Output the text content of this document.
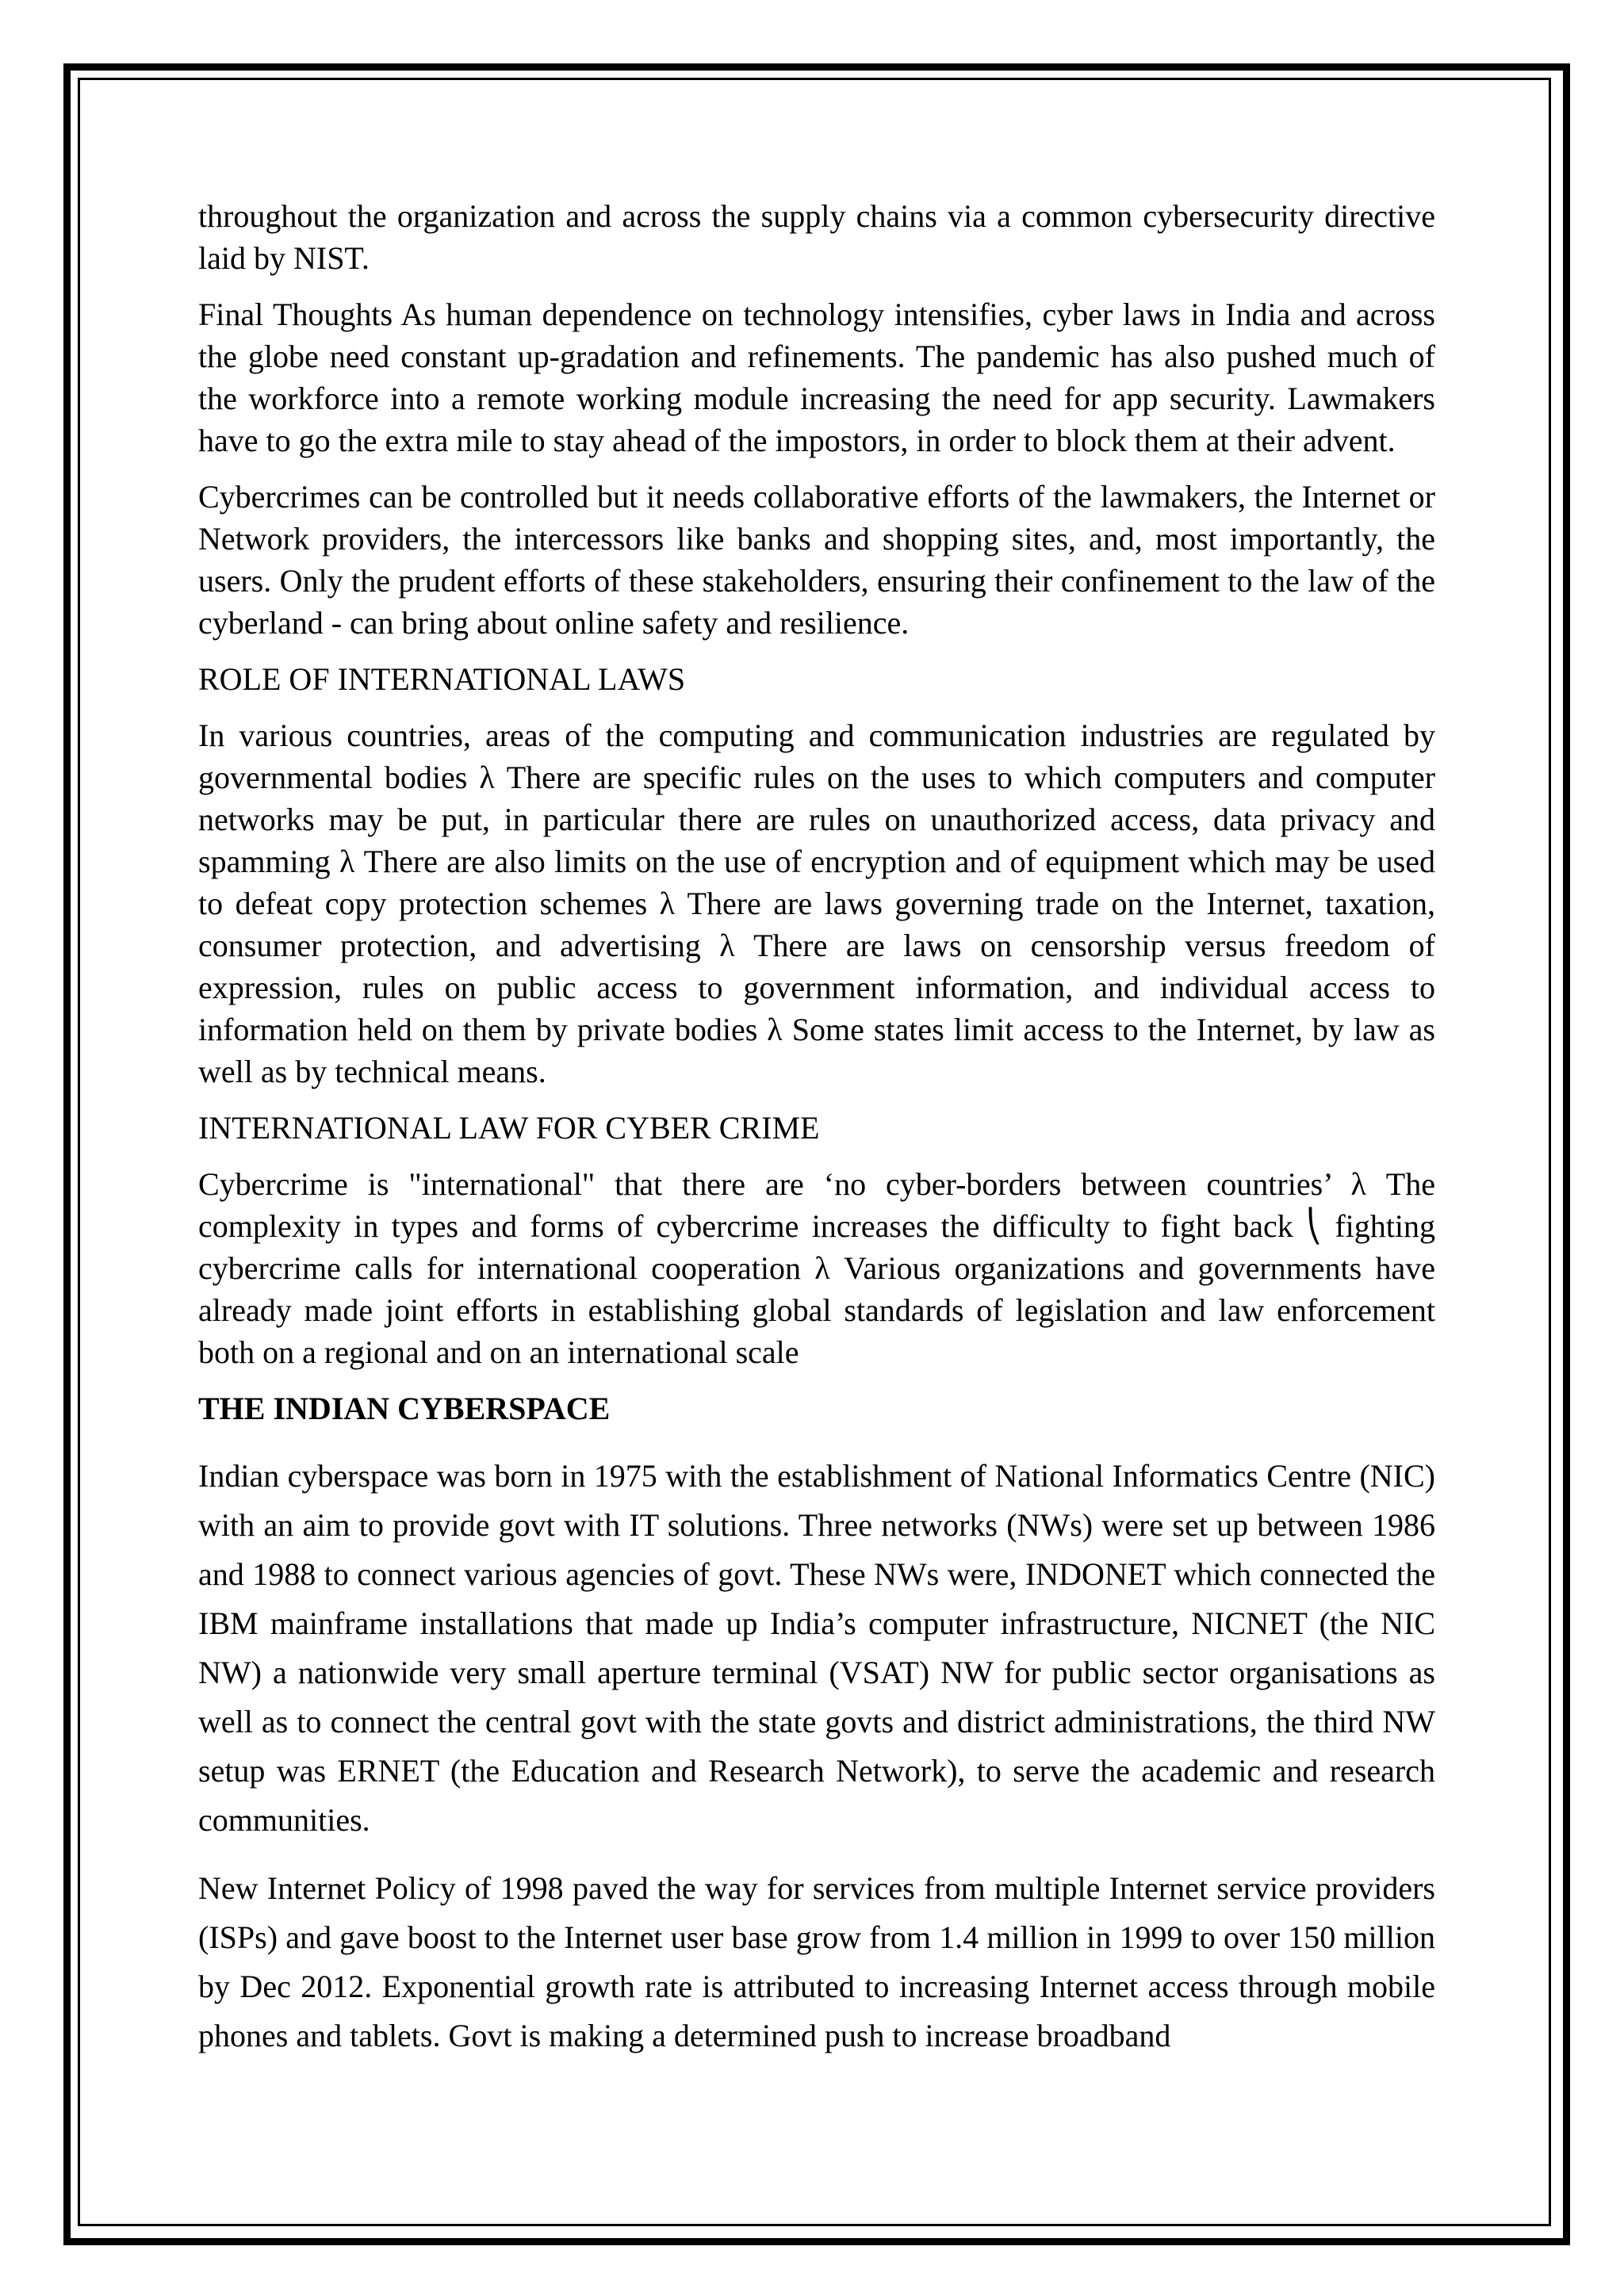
throughout the organization and across the supply chains via a common cybersecurity directive laid by NIST.

Final Thoughts As human dependence on technology intensifies, cyber laws in India and across the globe need constant up-gradation and refinements. The pandemic has also pushed much of the workforce into a remote working module increasing the need for app security. Lawmakers have to go the extra mile to stay ahead of the impostors, in order to block them at their advent.

Cybercrimes can be controlled but it needs collaborative efforts of the lawmakers, the Internet or Network providers, the intercessors like banks and shopping sites, and, most importantly, the users. Only the prudent efforts of these stakeholders, ensuring their confinement to the law of the cyberland - can bring about online safety and resilience.

ROLE OF INTERNATIONAL LAWS

In various countries, areas of the computing and communication industries are regulated by governmental bodies λ There are specific rules on the uses to which computers and computer networks may be put, in particular there are rules on unauthorized access, data privacy and spamming λ There are also limits on the use of encryption and of equipment which may be used to defeat copy protection schemes λ There are laws governing trade on the Internet, taxation, consumer protection, and advertising λ There are laws on censorship versus freedom of expression, rules on public access to government information, and individual access to information held on them by private bodies λ Some states limit access to the Internet, by law as well as by technical means.

INTERNATIONAL LAW FOR CYBER CRIME

Cybercrime is "international" that there are ‘no cyber-borders between countries’ λ The complexity in types and forms of cybercrime increases the difficulty to fight back ⎝ fighting cybercrime calls for international cooperation λ Various organizations and governments have already made joint efforts in establishing global standards of legislation and law enforcement both on a regional and on an international scale

THE INDIAN CYBERSPACE

Indian cyberspace was born in 1975 with the establishment of National Informatics Centre (NIC) with an aim to provide govt with IT solutions. Three networks (NWs) were set up between 1986 and 1988 to connect various agencies of govt. These NWs were, INDONET which connected the IBM mainframe installations that made up India’s computer infrastructure, NICNET (the NIC NW) a nationwide very small aperture terminal (VSAT) NW for public sector organisations as well as to connect the central govt with the state govts and district administrations, the third NW setup was ERNET (the Education and Research Network), to serve the academic and research communities.

New Internet Policy of 1998 paved the way for services from multiple Internet service providers (ISPs) and gave boost to the Internet user base grow from 1.4 million in 1999 to over 150 million by Dec 2012. Exponential growth rate is attributed to increasing Internet access through mobile phones and tablets. Govt is making a determined push to increase broadband
